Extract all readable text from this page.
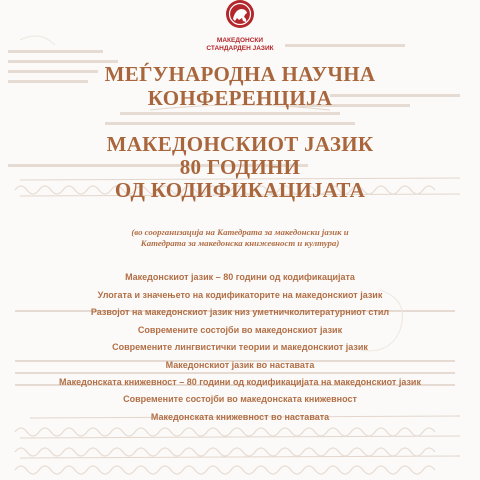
МАКЕДОНСКИ
СТАНДАРДЕН ЈАЗИК
МЕЃУНАРОДНА НАУЧНА
КОНФЕРЕНЦИЈА
МАКЕДОНСКИОТ ЈАЗИК
80 ГОДИНИ
ОД КОДИФИКАЦИЈАТА
(во соорганизација на Катедрата за македонски јазик и
Катедрата за македонска книжевност и култура)
Македонскиот јазик – 80 години од кодификацијата
Улогата и значењето на кодификаторите на македонскиот јазик
Развојот на македонскиот јазик низ уметничколитературниот стил
Современите состојби во македонскиот јазик
Современите лингвистички теории и македонскиот јазик
Македонскиот јазик во наставата
Македонската книжевност – 80 години од кодификацијата на македонскиот јазик
Современите состојби во македонската книжевност
Македонската книжевност во наставата
